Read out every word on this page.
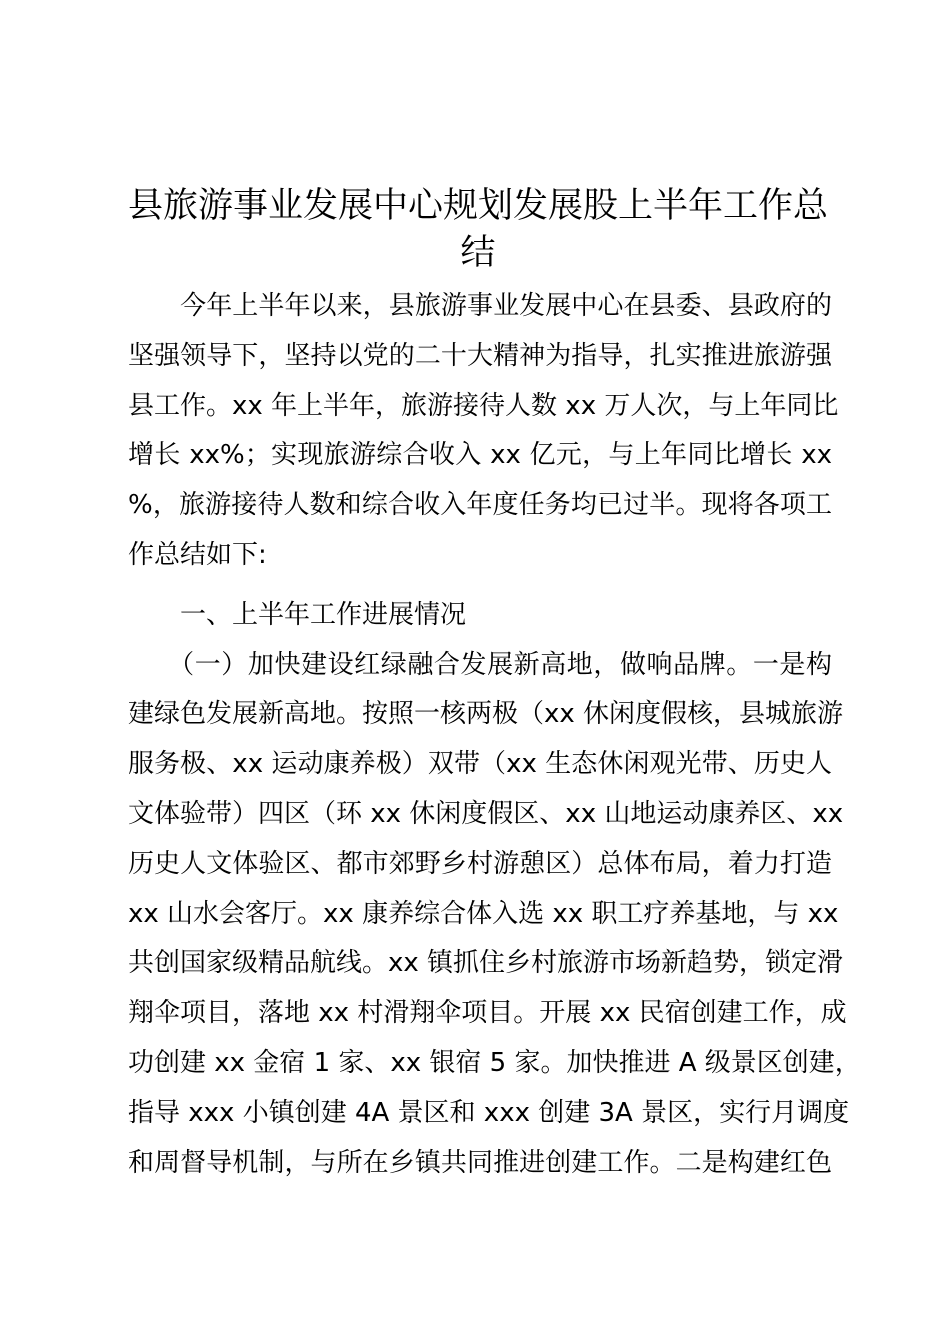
县旅游事业发展中心规划发展股上半年工作总
结
　　今年上半年以来，县旅游事业发展中心在县委、县政府的
坚强领导下，坚持以党的二十大精神为指导，扎实推进旅游强
县工作。xx 年上半年，旅游接待人数 xx 万人次，与上年同比
增长 xx%；实现旅游综合收入 xx 亿元，与上年同比增长 xx
%，旅游接待人数和综合收入年度任务均已过半。现将各项工
作总结如下:
　　一、上半年工作进展情况
　　（一）加快建设红绿融合发展新高地，做响品牌。一是构
建绿色发展新高地。按照一核两极（xx 休闲度假核，县城旅游
服务极、xx 运动康养极）双带（xx 生态休闲观光带、历史人
文体验带）四区（环 xx 休闲度假区、xx 山地运动康养区、xx
历史人文体验区、都市郊野乡村游憩区）总体布局，着力打造
xx 山水会客厅。xx 康养综合体入选 xx 职工疗养基地，与 xx
共创国家级精品航线。xx 镇抓住乡村旅游市场新趋势，锁定滑
翔伞项目，落地 xx 村滑翔伞项目。开展 xx 民宿创建工作，成
功创建 xx 金宿 1 家、xx 银宿 5 家。加快推进 A 级景区创建，
指导 xxx 小镇创建 4A 景区和 xxx 创建 3A 景区，实行月调度
和周督导机制，与所在乡镇共同推进创建工作。二是构建红色
